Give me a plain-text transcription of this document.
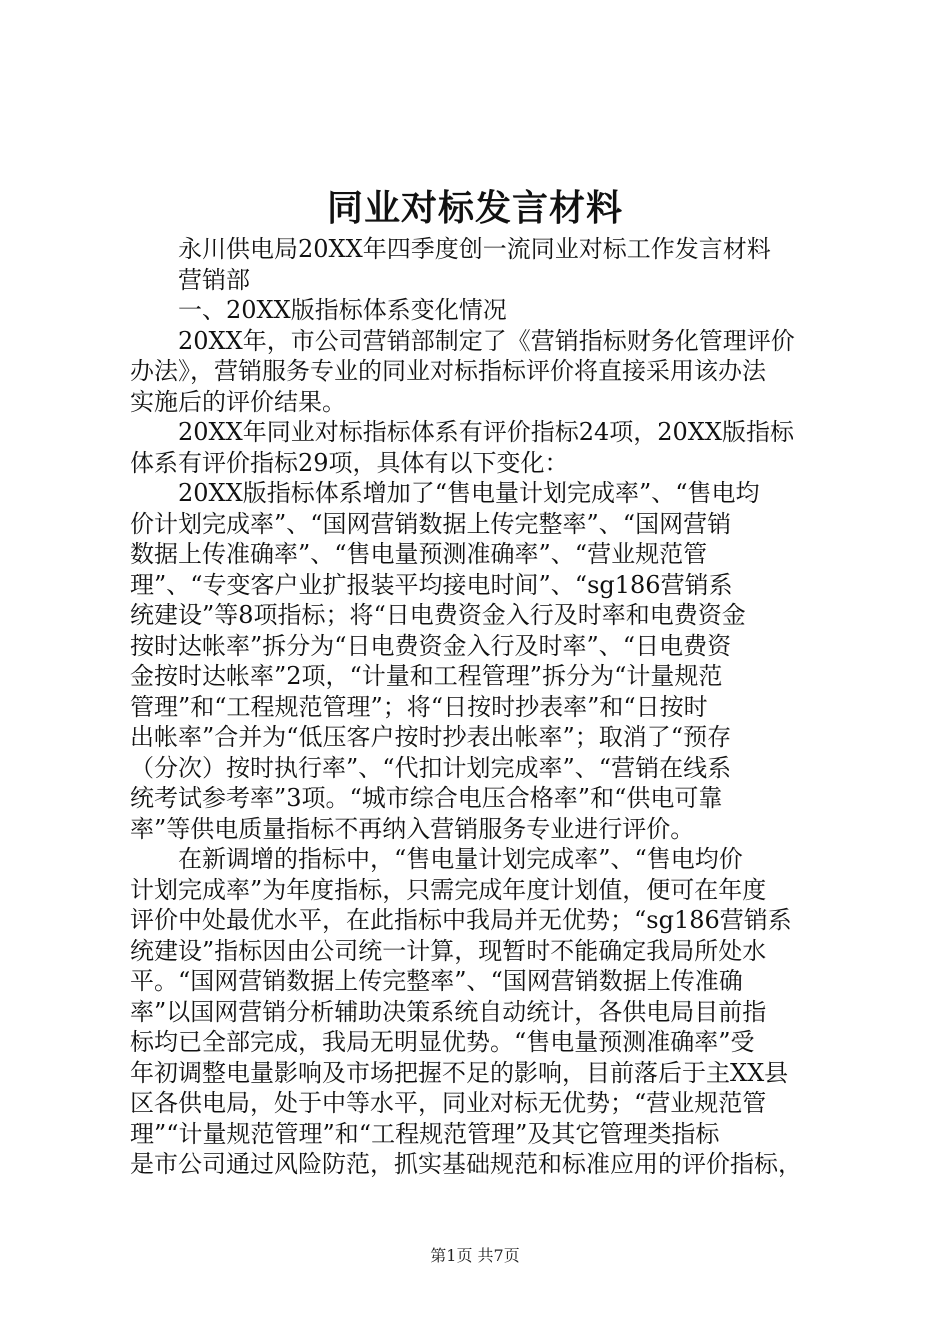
同业对标发言材料
永川供电局20XX年四季度创一流同业对标工作发言材料
营销部
一、20XX版指标体系变化情况
20XX年，市公司营销部制定了《营销指标财务化管理评价
办法》，营销服务专业的同业对标指标评价将直接采用该办法
实施后的评价结果。
20XX年同业对标指标体系有评价指标24项，20XX版指标
体系有评价指标29项，具体有以下变化：
20XX版指标体系增加了“售电量计划完成率”、“售电均
价计划完成率”、“国网营销数据上传完整率”、“国网营销
数据上传准确率”、“售电量预测准确率”、“营业规范管
理”、“专变客户业扩报装平均接电时间”、“sg186营销系
统建设”等8项指标；将“日电费资金入行及时率和电费资金
按时达帐率”拆分为“日电费资金入行及时率”、“日电费资
金按时达帐率”2项，“计量和工程管理”拆分为“计量规范
管理”和“工程规范管理”；将“日按时抄表率”和“日按时
出帐率”合并为“低压客户按时抄表出帐率”；取消了“预存
（分次）按时执行率”、“代扣计划完成率”、“营销在线系
统考试参考率”3项。“城市综合电压合格率”和“供电可靠
率”等供电质量指标不再纳入营销服务专业进行评价。
在新调增的指标中，“售电量计划完成率”、“售电均价
计划完成率”为年度指标，只需完成年度计划值，便可在年度
评价中处最优水平，在此指标中我局并无优势；“sg186营销系
统建设”指标因由公司统一计算，现暂时不能确定我局所处水
平。“国网营销数据上传完整率”、“国网营销数据上传准确
率”以国网营销分析辅助决策系统自动统计，各供电局目前指
标均已全部完成，我局无明显优势。“售电量预测准确率”受
年初调整电量影响及市场把握不足的影响，目前落后于主XX县
区各供电局，处于中等水平，同业对标无优势；“营业规范管
理”“计量规范管理”和“工程规范管理”及其它管理类指标
是市公司通过风险防范，抓实基础规范和标准应用的评价指标，
第1页 共7页
